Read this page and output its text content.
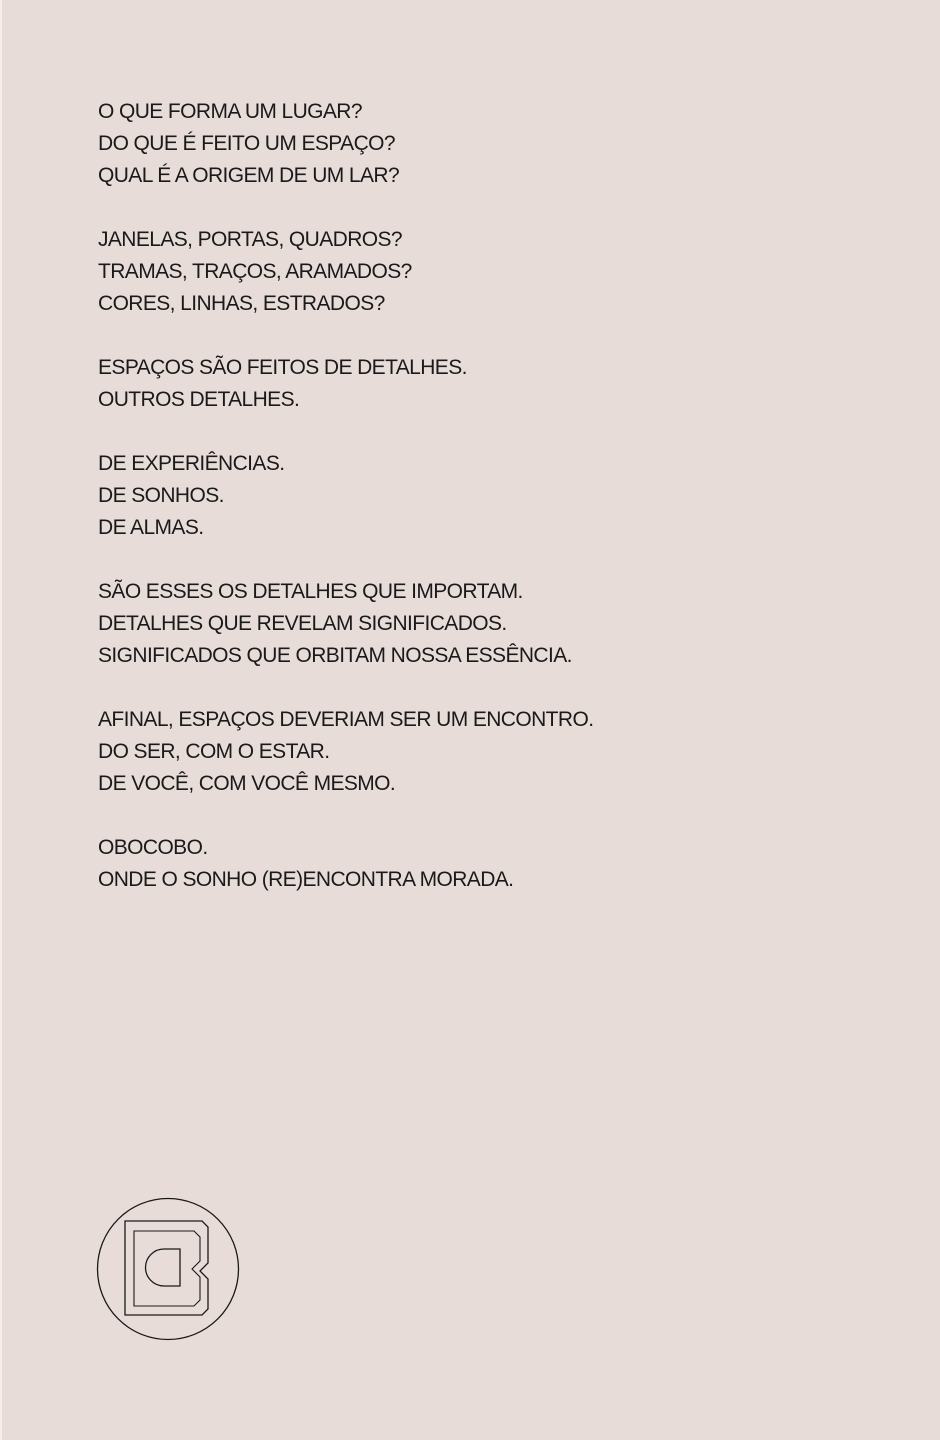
O QUE FORMA UM LUGAR?
DO QUE É FEITO UM ESPAÇO?
QUAL É A ORIGEM DE UM LAR?
JANELAS, PORTAS, QUADROS?
TRAMAS, TRAÇOS, ARAMADOS?
CORES, LINHAS, ESTRADOS?
ESPAÇOS SÃO FEITOS DE DETALHES.
OUTROS DETALHES.
DE EXPERIÊNCIAS.
DE SONHOS.
DE ALMAS.
SÃO ESSES OS DETALHES QUE IMPORTAM.
DETALHES QUE REVELAM SIGNIFICADOS.
SIGNIFICADOS QUE ORBITAM NOSSA ESSÊNCIA.
AFINAL, ESPAÇOS DEVERIAM SER UM ENCONTRO.
DO SER, COM O ESTAR.
DE VOCÊ, COM VOCÊ MESMO.
OBOCOBO.
ONDE O SONHO (RE)ENCONTRA MORADA.
